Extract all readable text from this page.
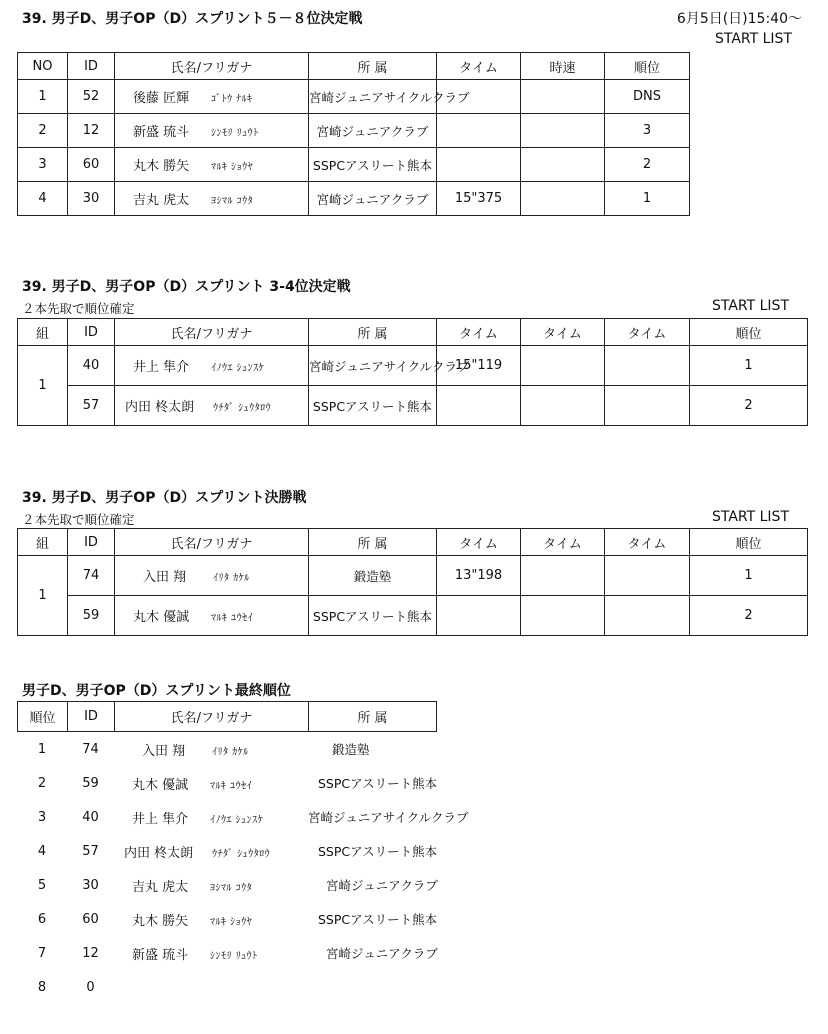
39. 男子D、男子OP（D）スプリント５－８位決定戦	6月5日(日)15:40～
START LIST
NO	ID	氏名/フリガナ	所 属	タイム	時速	順位
1	52	後藤 匠輝 ｺﾞﾄｳ ﾅﾙｷ	宮崎ジュニアサイクルクラブ			DNS
2	12	新盛 琉斗 ｼﾝﾓﾘ ﾘｭｳﾄ	宮崎ジュニアクラブ			3
3	60	丸木 勝矢 ﾏﾙｷ ｼｮｳﾔ	SSPCアスリート熊本			2
4	30	吉丸 虎太 ﾖｼﾏﾙ ｺｳﾀ	宮崎ジュニアクラブ	15"375		1
39. 男子D、男子OP（D）スプリント 3-4位決定戦
２本先取で順位確定	START LIST
組	ID	氏名/フリガナ	所 属	タイム	タイム	タイム	順位
1	40	井上 隼介 ｲﾉｳｴ ｼｭﾝｽｹ	宮崎ジュニアサイクルクラブ	15"119			1
	57	内田 柊太朗 ｳﾁﾀﾞ ｼｭｳﾀﾛｳ	SSPCアスリート熊本				2
39. 男子D、男子OP（D）スプリント決勝戦
２本先取で順位確定	START LIST
組	ID	氏名/フリガナ	所 属	タイム	タイム	タイム	順位
1	74	入田 翔 ｲﾘﾀ ｶｹﾙ	鍛造塾	13"198			1
	59	丸木 優誠 ﾏﾙｷ ﾕｳｾｲ	SSPCアスリート熊本				2
男子D、男子OP（D）スプリント最終順位
順位	ID	氏名/フリガナ	所 属
1	74	入田 翔 ｲﾘﾀ ｶｹﾙ	鍛造塾
2	59	丸木 優誠 ﾏﾙｷ ﾕｳｾｲ	SSPCアスリート熊本
3	40	井上 隼介 ｲﾉｳｴ ｼｭﾝｽｹ	宮崎ジュニアサイクルクラブ
4	57	内田 柊太朗 ｳﾁﾀﾞ ｼｭｳﾀﾛｳ	SSPCアスリート熊本
5	30	吉丸 虎太 ﾖｼﾏﾙ ｺｳﾀ	宮崎ジュニアクラブ
6	60	丸木 勝矢 ﾏﾙｷ ｼｮｳﾔ	SSPCアスリート熊本
7	12	新盛 琉斗 ｼﾝﾓﾘ ﾘｭｳﾄ	宮崎ジュニアクラブ
8	0		
